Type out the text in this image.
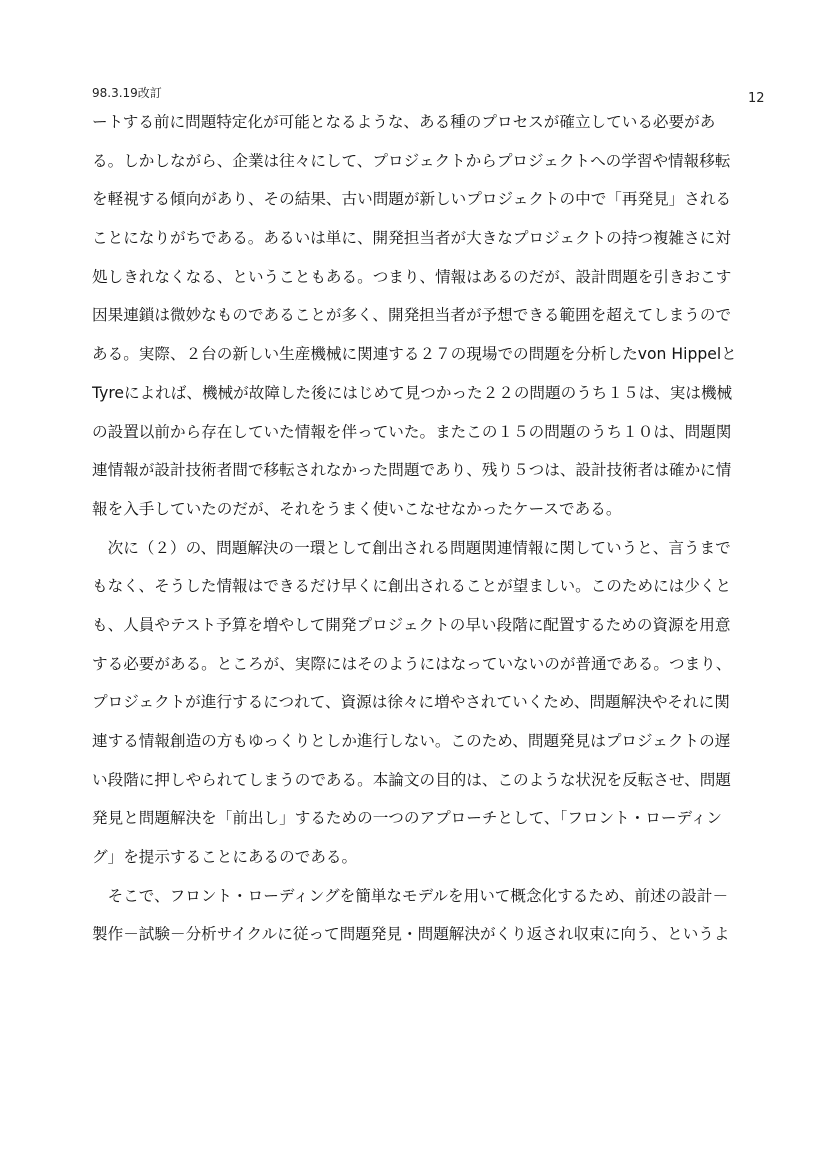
98.3.19改訂	12
ートする前に問題特定化が可能となるような、ある種のプロセスが確立している必要があ
る。しかしながら、企業は往々にして、プロジェクトからプロジェクトへの学習や情報移転
を軽視する傾向があり、その結果、古い問題が新しいプロジェクトの中で「再発見」される
ことになりがちである。あるいは単に、開発担当者が大きなプロジェクトの持つ複雑さに対
処しきれなくなる、ということもある。つまり、情報はあるのだが、設計問題を引きおこす
因果連鎖は微妙なものであることが多く、開発担当者が予想できる範囲を超えてしまうので
ある。実際、２台の新しい生産機械に関連する２７の現場での問題を分析したvon Hippelと
Tyreによれば、機械が故障した後にはじめて見つかった２２の問題のうち１５は、実は機械
の設置以前から存在していた情報を伴っていた。またこの１５の問題のうち１０は、問題関
連情報が設計技術者間で移転されなかった問題であり、残り５つは、設計技術者は確かに情
報を入手していたのだが、それをうまく使いこなせなかったケースである。
　次に（２）の、問題解決の一環として創出される問題関連情報に関していうと、言うまで
もなく、そうした情報はできるだけ早くに創出されることが望ましい。このためには少くと
も、人員やテスト予算を増やして開発プロジェクトの早い段階に配置するための資源を用意
する必要がある。ところが、実際にはそのようにはなっていないのが普通である。つまり、
プロジェクトが進行するにつれて、資源は徐々に増やされていくため、問題解決やそれに関
連する情報創造の方もゆっくりとしか進行しない。このため、問題発見はプロジェクトの遅
い段階に押しやられてしまうのである。本論文の目的は、このような状況を反転させ、問題
発見と問題解決を「前出し」するための一つのアプローチとして、「フロント・ローディン
グ」を提示することにあるのである。
　そこで、フロント・ローディングを簡単なモデルを用いて概念化するため、前述の設計－
製作－試験－分析サイクルに従って問題発見・問題解決がくり返され収束に向う、というよ
